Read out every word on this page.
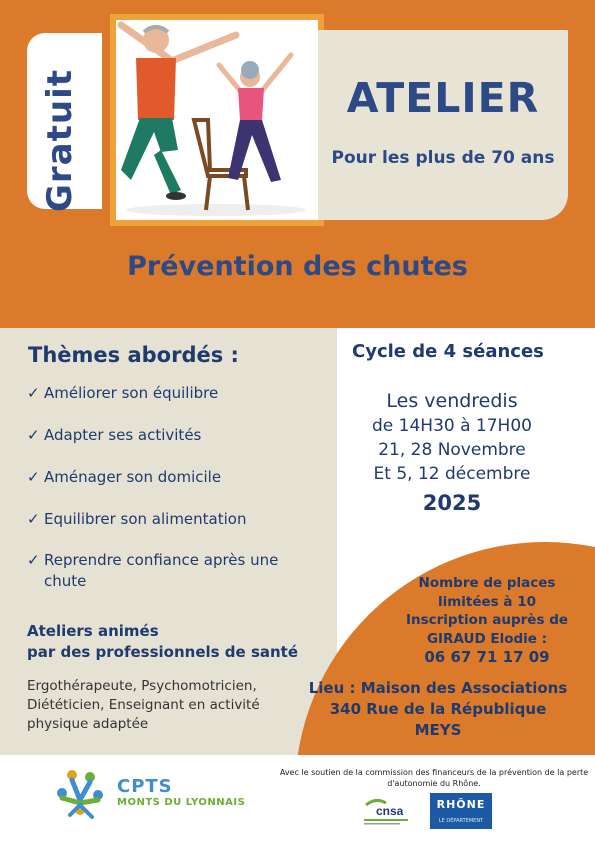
Gratuit	ATELIER
Pour les plus de 70 ans
Prévention des chutes
Thèmes abordés :
✓ Améliorer son équilibre
✓ Adapter ses activités
✓ Aménager son domicile
✓ Equilibrer son alimentation
✓ Reprendre confiance après une chute
Ateliers animés
par des professionnels de santé
Ergothérapeute, Psychomotricien, Diététicien, Enseignant en activité physique adaptée
Cycle de 4 séances
Les vendredis
de 14H30 à 17H00
21, 28 Novembre
Et 5, 12 décembre
2025
Nombre de places
limitées à 10
Inscription auprès de
GIRAUD Elodie :
06 67 71 17 09
Lieu : Maison des Associations
340 Rue de la République
MEYS
CPTS
MONTS DU LYONNAIS
Avec le soutien de la commission des financeurs de la prévention de la perte d'autonomie du Rhône.
cnsa	RHÔNE
LE DÉPARTEMENT
